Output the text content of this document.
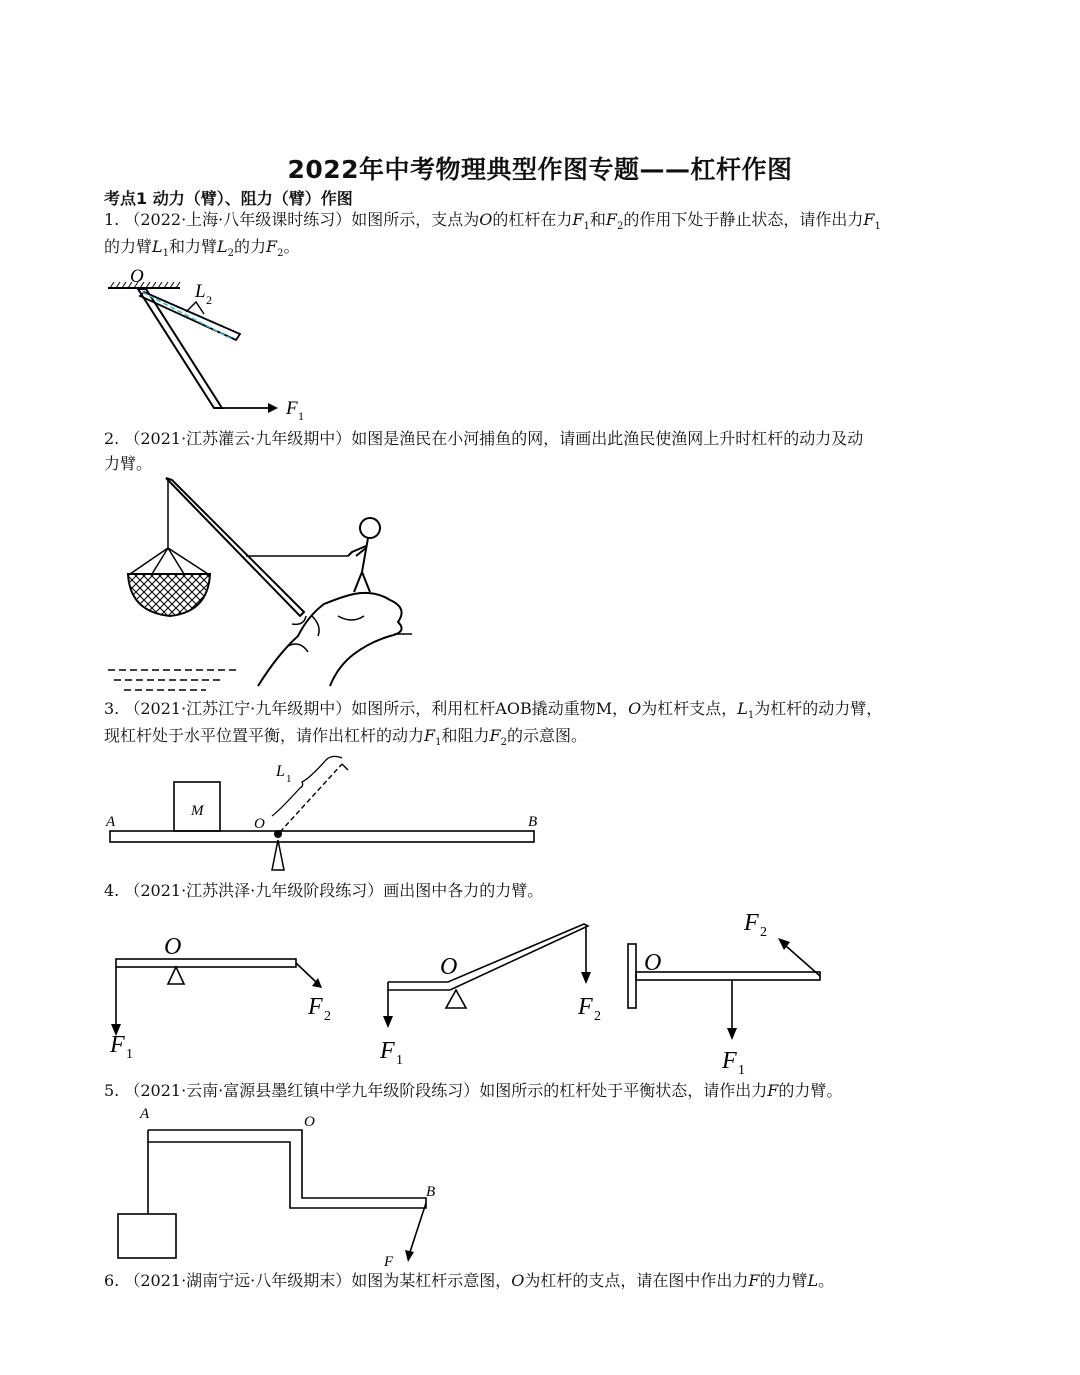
2022年中考物理典型作图专题——杠杆作图
考点1 动力（臂）、阻力（臂）作图
1. （2022·上海·八年级课时练习）如图所示，支点为O的杠杆在力$F_1$和$F_2$的作用下处于静止状态，请作出力$F_1$
的力臂$L_1$和力臂$L_2$的力$F_2$。
O
L 2
F 1
2. （2021·江苏灌云·九年级期中）如图是渔民在小河捕鱼的网，请画出此渔民使渔网上升时杠杆的动力及动
力臂。
3. （2021·江苏江宁·九年级期中）如图所示，利用杠杆AOB撬动重物M，O为杠杆支点，$L_1$为杠杆的动力臂，
现杠杆处于水平位置平衡，请作出杠杆的动力$F_1$和阻力$F_2$的示意图。
M
A	O	B
L 1
4. （2021·江苏洪泽·九年级阶段练习）画出图中各力的力臂。
O
F 1
F 2
O
F 1
F 2
F 2
O
F 1
5. （2021·云南·富源县墨红镇中学九年级阶段练习）如图所示的杠杆处于平衡状态，请作出力F的力臂。
A	O
B
F
6. （2021·湖南宁远·八年级期末）如图为某杠杆示意图，O为杠杆的支点，请在图中作出力F的力臂L。
